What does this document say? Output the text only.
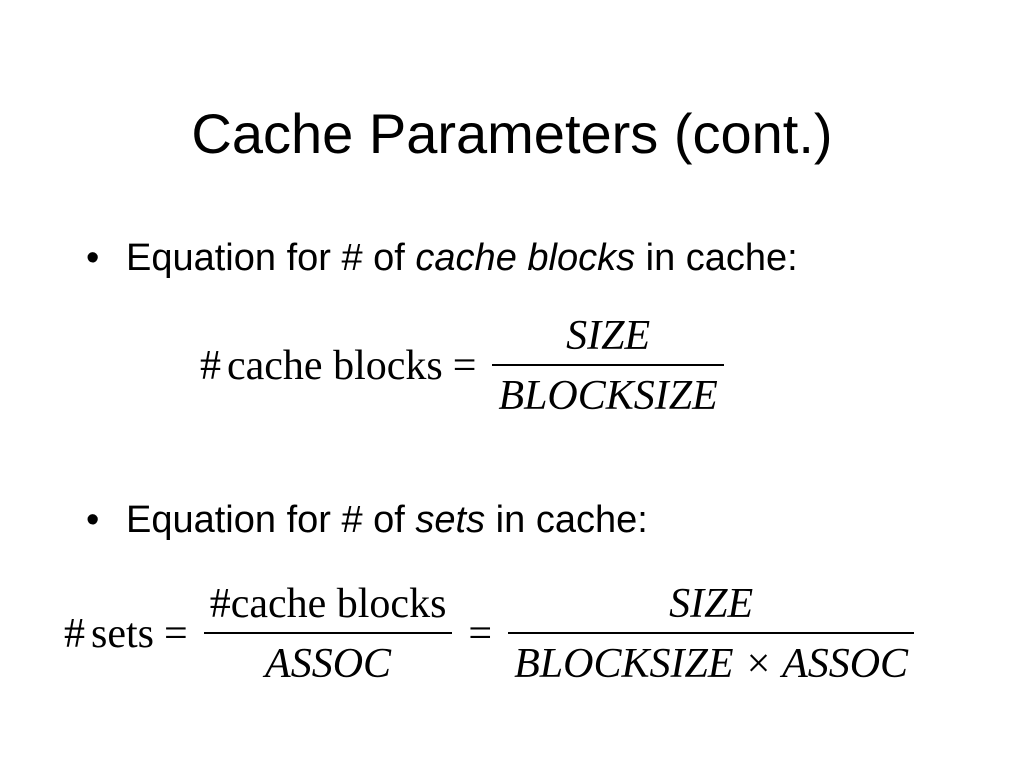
Cache Parameters (cont.)
• Equation for # of cache blocks in cache:
# cache blocks = $\frac{\text{SIZE}}{\text{BLOCKSIZE}}$
• Equation for # of sets in cache:
# sets = $\frac{\text{\#cache blocks}}{\text{ASSOC}} = \frac{\text{SIZE}}{\text{BLOCKSIZE × ASSOC}}$
